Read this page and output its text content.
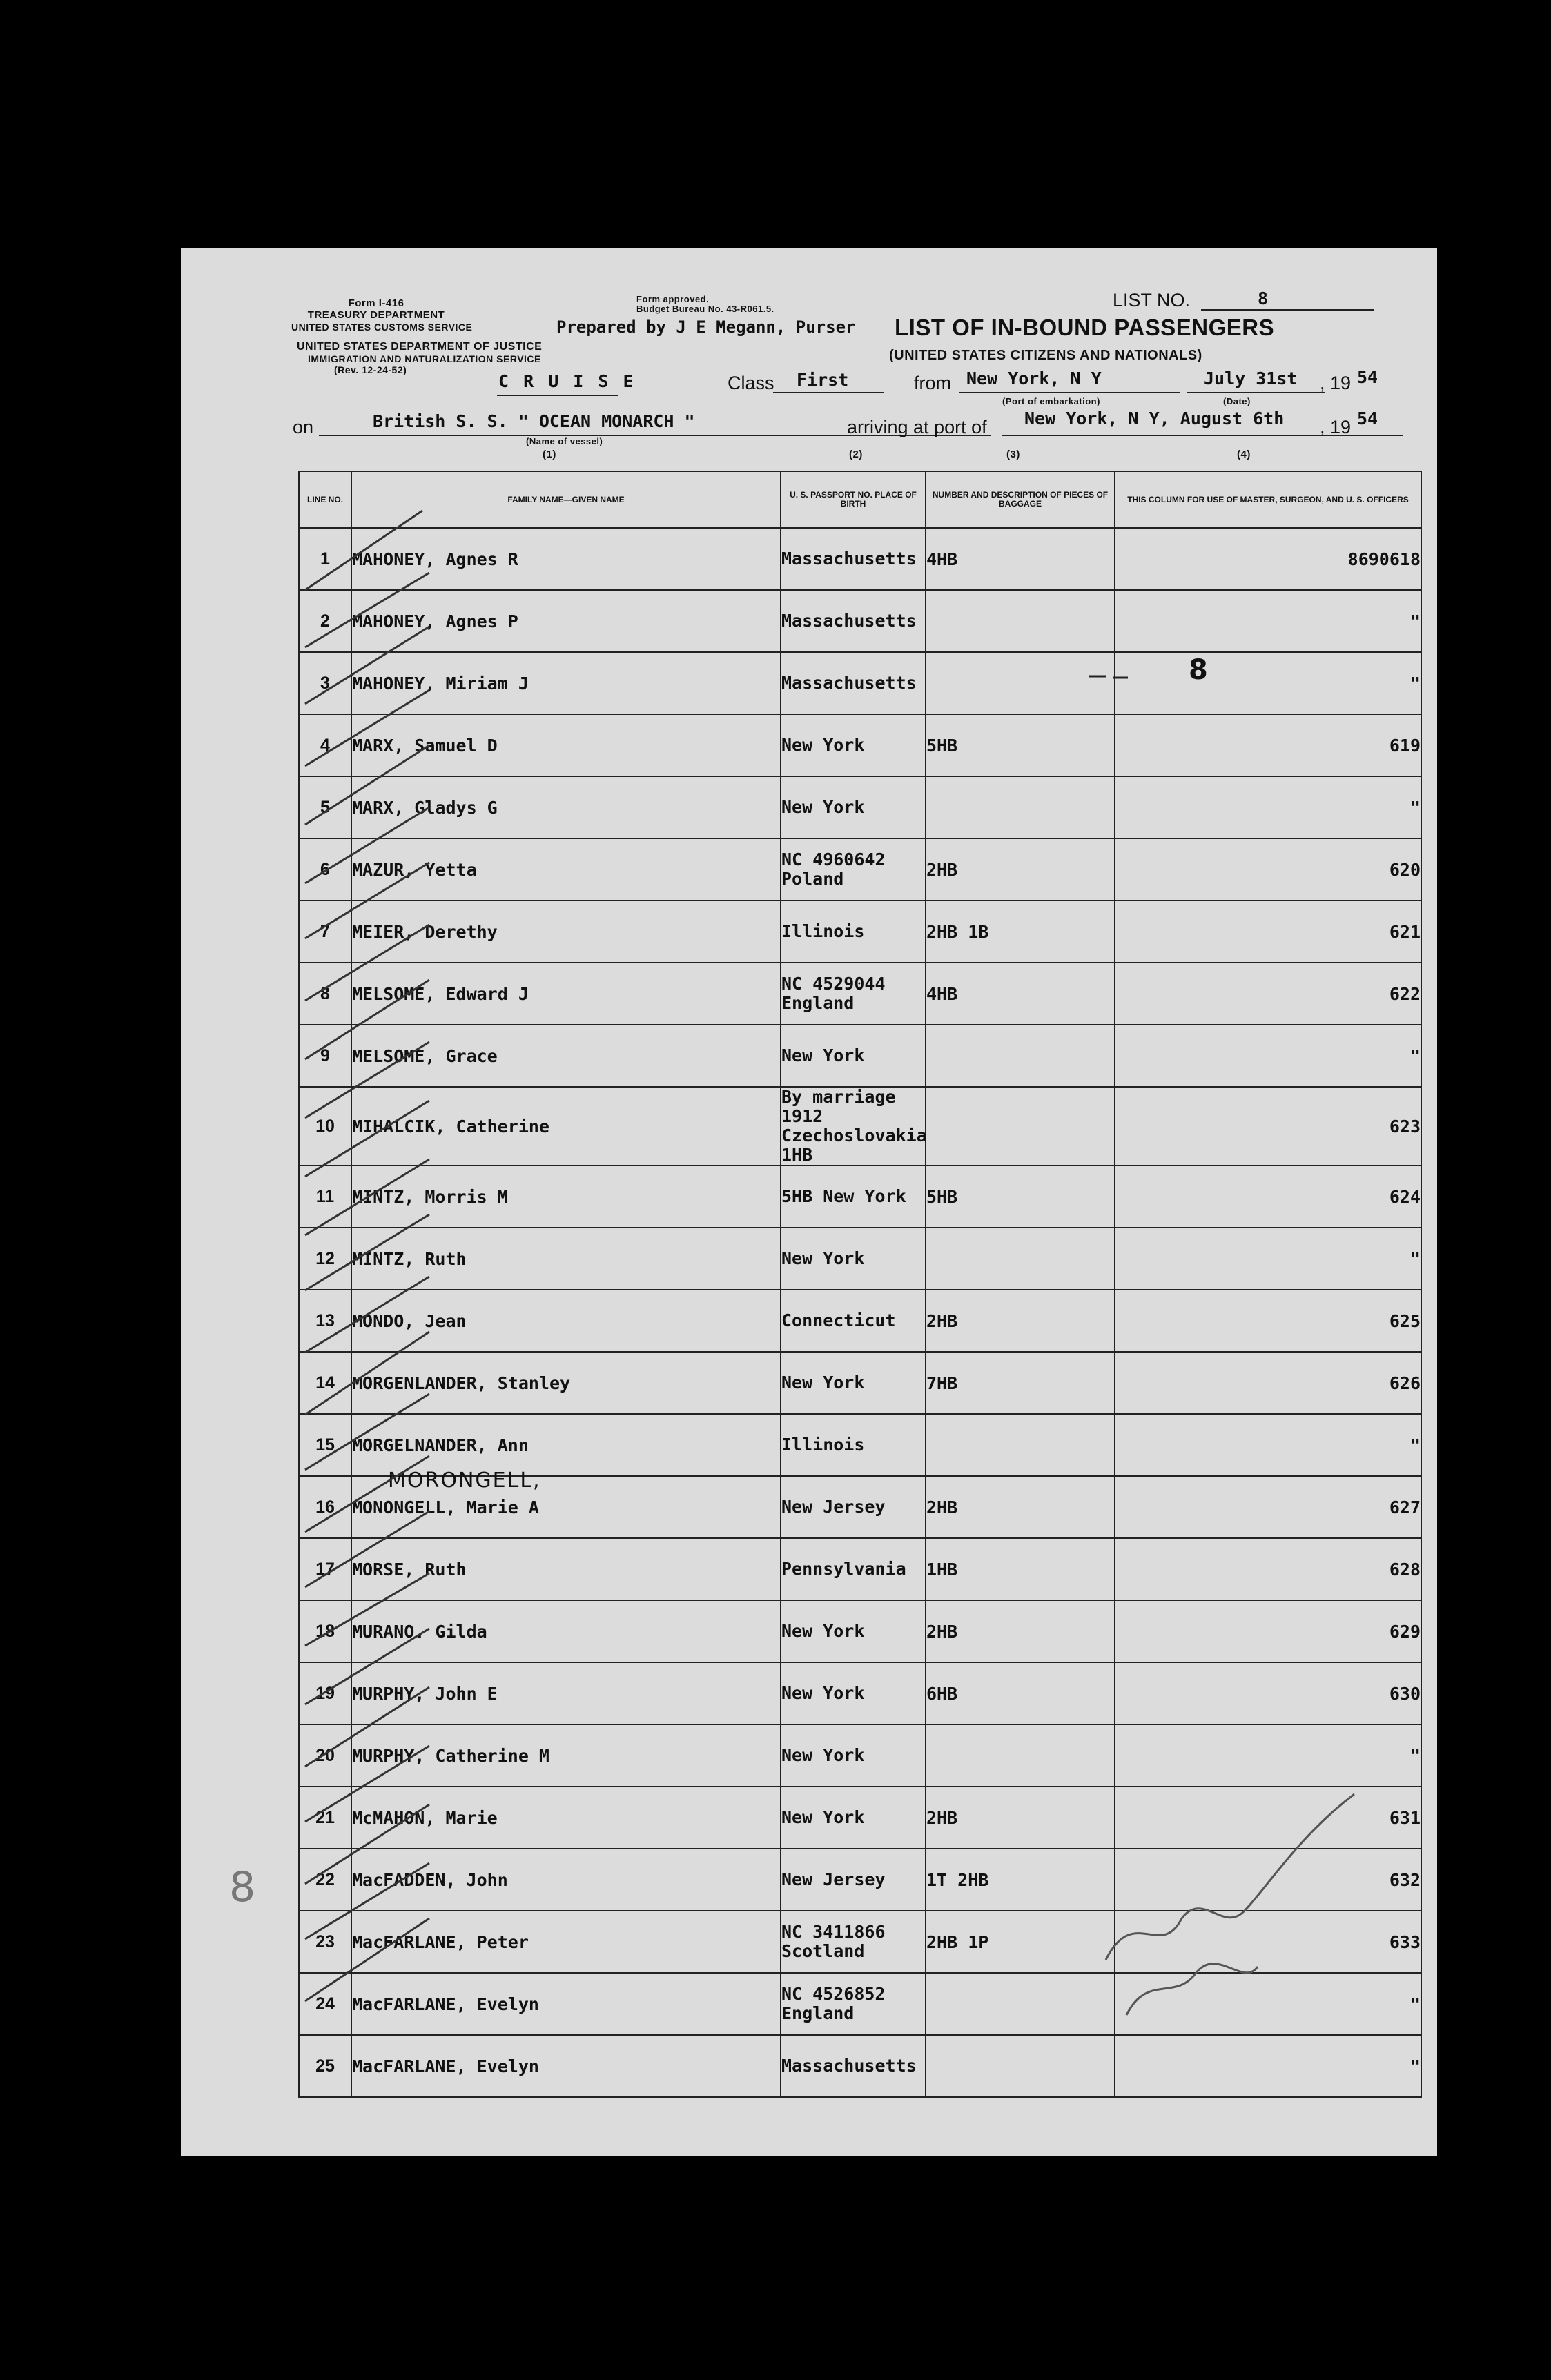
Form I-416
TREASURY DEPARTMENT
UNITED STATES CUSTOMS SERVICE
UNITED STATES DEPARTMENT OF JUSTICE
IMMIGRATION AND NATURALIZATION SERVICE
(Rev. 12-24-52)
Form approved.
Budget Bureau No. 43-R061.5.
Prepared by J E Megann, Purser LIST OF IN-BOUND PASSENGERS
(UNITED STATES CITIZENS AND NATIONALS)
LIST NO.	8
C R U I S E	Class First	from New York, N Y
(Port of embarkation)
July 31st
(Date)
, 19 54
on	British S. S. " OCEAN MONARCH "
(Name of vessel)
arriving at port of New York, N Y, August 6th , 19 54
(1)	(2)	(3)	(4)
LINE NO.	FAMILY NAME—GIVEN NAME	U. S. PASSPORT NO. PLACE OF BIRTH	NUMBER AND DESCRIPTION OF PIECES OF BAGGAGE	THIS COLUMN FOR USE OF MASTER, SURGEON, AND U. S. OFFICERS
1	MAHONEY, Agnes R	Massachusetts	4HB	8690618
2	MAHONEY, Agnes P	Massachusetts		"
3	MAHONEY, Miriam J	Massachusetts		"
4	MARX, Samuel D	New York	5HB	619
5	MARX, Gladys G	New York		"
6	MAZUR, Yetta	NC 4960642
Poland	2HB	620
7	MEIER, Derethy	Illinois	2HB 1B	621
8	MELSOME, Edward J	NC 4529044
England	4HB	622
9	MELSOME, Grace	New York		"
10	MIHALCIK, Catherine	By marriage 1912
Czechoslovakia 1HB		623
11	MINTZ, Morris M	5HB New York	5HB	624
12	MINTZ, Ruth	New York		"
13	MONDO, Jean	Connecticut	2HB	625
14	MORGENLANDER, Stanley	New York	7HB	626
15	MORGELNANDER, Ann	Illinois		"
16	MONONGELL, Marie A	New Jersey	2HB	627
17	MORSE, Ruth	Pennsylvania	1HB	628
18	MURANO. Gilda	New York	2HB	629
19	MURPHY, John E	New York	6HB	630
20	MURPHY, Catherine M	New York		"
21	McMAHON, Marie	New York	2HB	631
22	MacFADDEN, John	New Jersey	1T 2HB	632
23	MacFARLANE, Peter	NC 3411866
Scotland	2HB 1P	633
24	MacFARLANE, Evelyn	NC 4526852
England		"
25	MacFARLANE, Evelyn	Massachusetts		"
MORONGELL,
8
8
